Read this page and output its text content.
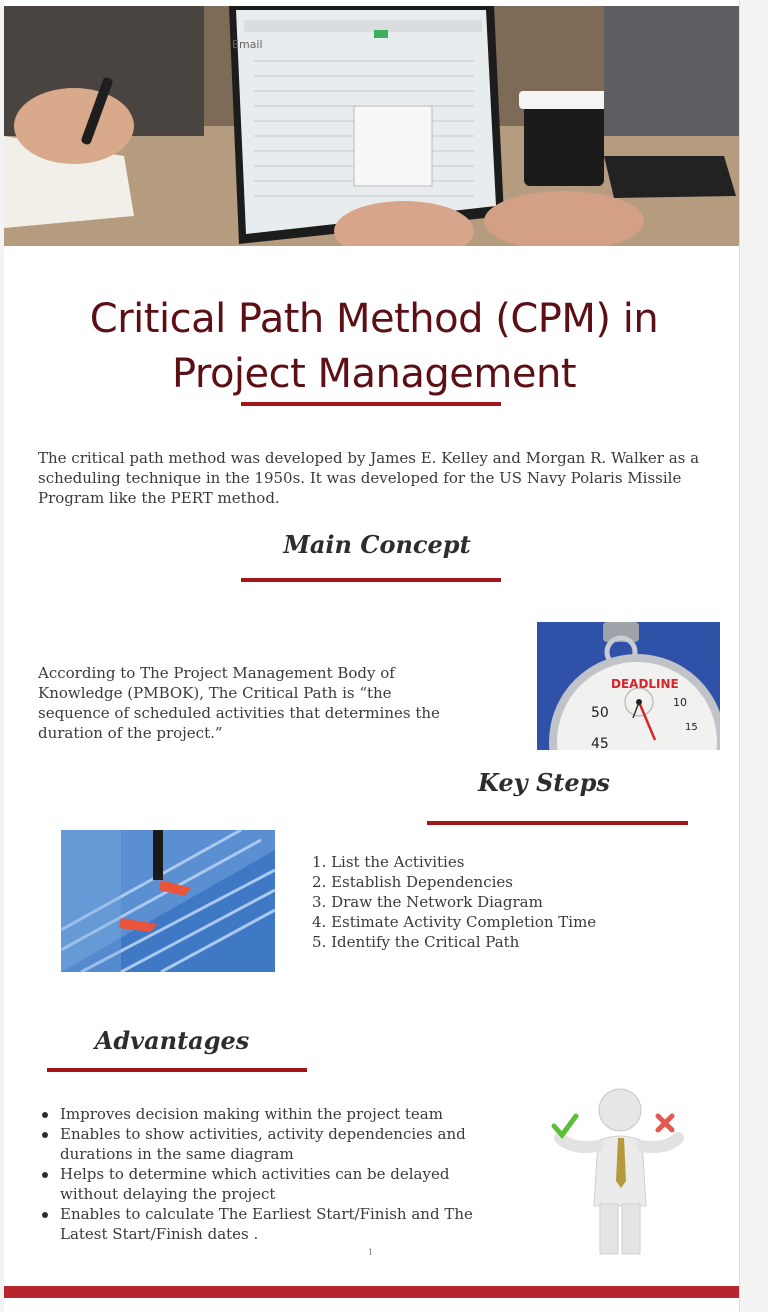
Email
Critical Path Method (CPM) in Project Management

The critical path method was developed by James E. Kelley and Morgan R. Walker as a scheduling technique in the 1950s. It was developed for the US Navy Polaris Missile Program like the PERT method.

Main Concept

According to The Project Management Body of Knowledge (PMBOK), The Critical Path is “the sequence of scheduled activities that determines the duration of the project.”

DEADLINE
50
10
15
45
Key Steps
1. List the Activities
2. Establish Dependencies
3. Draw the Network Diagram
4. Estimate Activity Completion Time
5. Identify the Critical Path
Advantages
Improves decision making within the project team
Enables to show activities, activity dependencies and durations in the same diagram
Helps to determine which activities can be delayed without delaying the project
Enables to calculate The Earliest Start/Finish and The Latest Start/Finish dates .
1
